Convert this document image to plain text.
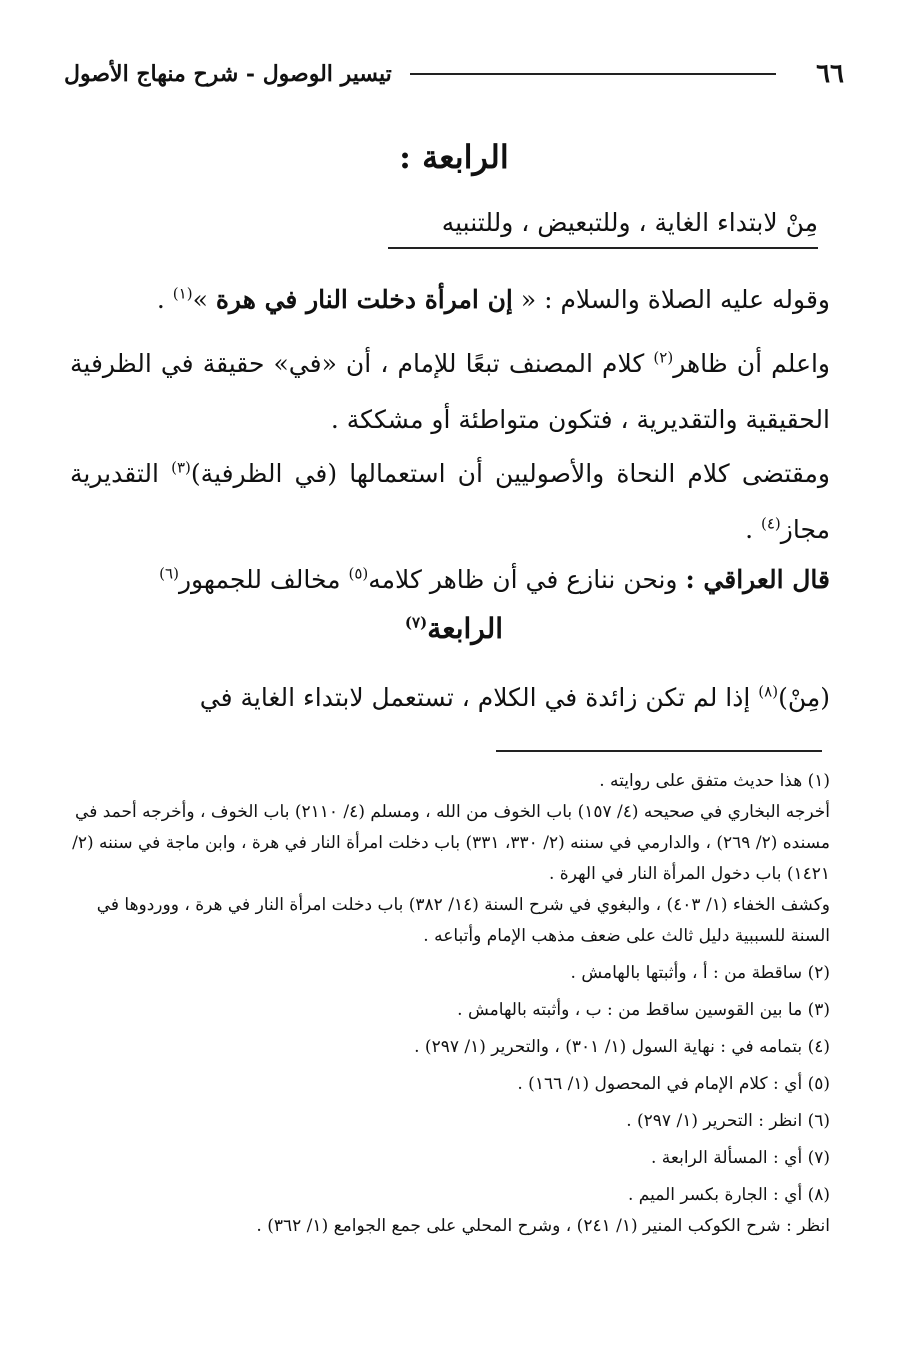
٦٦
تيسير الوصول - شرح منهاج الأصول
الرابعة :
مِنْ لابتداء الغاية ، وللتبعيض ، وللتنبيه
وقوله عليه الصلاة والسلام : « إن امرأة دخلت النار في هرة »$^{(١)}$ .
واعلم أن ظاهر$^{(٢)}$ كلام المصنف تبعًا للإمام ، أن «في» حقيقة في الظرفية الحقيقية والتقديرية ، فتكون متواطئة أو مشككة .
ومقتضى كلام النحاة والأصوليين أن استعمالها (في الظرفية)$^{(٣)}$ التقديرية مجاز$^{(٤)}$ .
قال العراقي : ونحن ننازع في أن ظاهر كلامه$^{(٥)}$ مخالف للجمهور$^{(٦)}$
الرابعة$^{(٧)}$
(مِنْ)$^{(٨)}$ إذا لم تكن زائدة في الكلام ، تستعمل لابتداء الغاية في

(١) هذا حديث متفق على روايته .

أخرجه البخاري في صحيحه (٤/ ١٥٧) باب الخوف من الله ، ومسلم (٤/ ٢١١٠) باب الخوف ، وأخرجه أحمد في مسنده (٢/ ٢٦٩) ، والدارمي في سننه (٢/ ٣٣٠، ٣٣١) باب دخلت امرأة النار في هرة ، وابن ماجة في سننه (٢/ ١٤٢١) باب دخول المرأة النار في الهرة .

وكشف الخفاء (١/ ٤٠٣) ، والبغوي في شرح السنة (١٤/ ٣٨٢) باب دخلت امرأة النار في هرة ، ووردوها في السنة للسببية دليل ثالث على ضعف مذهب الإمام وأتباعه .

(٢) ساقطة من : أ ، وأثبتها بالهامش .

(٣) ما بين القوسين ساقط من : ب ، وأثبته بالهامش .

(٤) بتمامه في : نهاية السول (١/ ٣٠١) ، والتحرير (١/ ٢٩٧) .

(٥) أي : كلام الإمام في المحصول (١/ ١٦٦) .

(٦) انظر : التحرير (١/ ٢٩٧) .

(٧) أي : المسألة الرابعة .

(٨) أي : الجارة بكسر الميم .

انظر : شرح الكوكب المنير (١/ ٢٤١) ، وشرح المحلي على جمع الجوامع (١/ ٣٦٢) .
